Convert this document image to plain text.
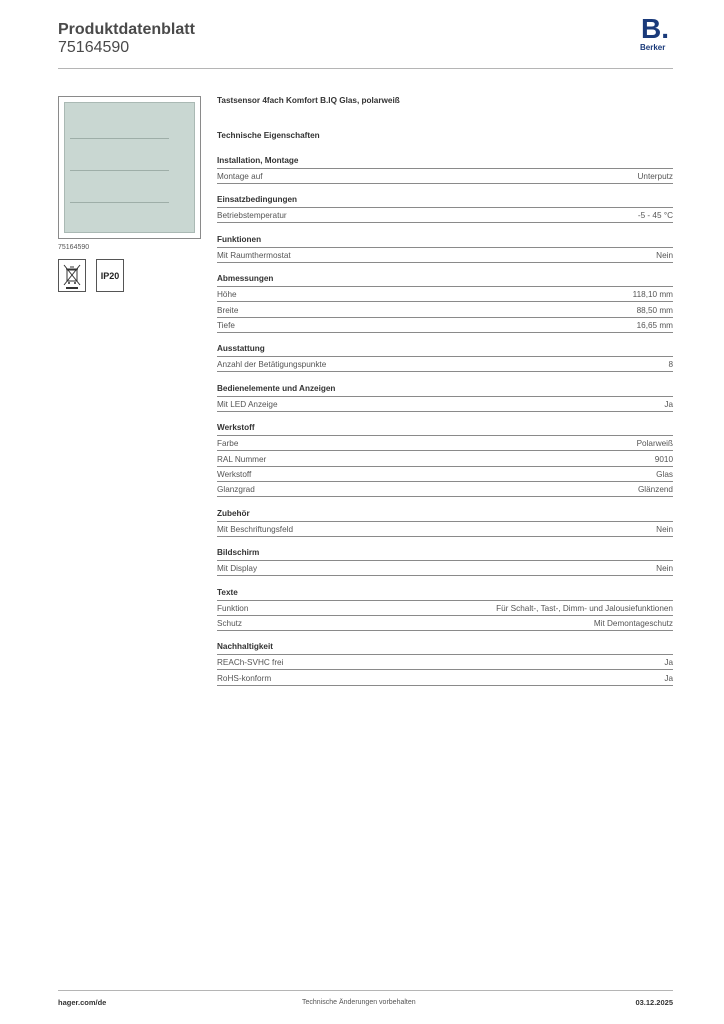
Produktdatenblatt
75164590
B.
Berker
75164590
IP20
Tastsensor 4fach Komfort B.IQ Glas, polarweiß
Technische Eigenschaften
Installation, Montage
Montage auf	Unterputz
Einsatzbedingungen
Betriebstemperatur	-5 - 45 °C
Funktionen
Mit Raumthermostat	Nein
Abmessungen
Höhe	118,10 mm
Breite	88,50 mm
Tiefe	16,65 mm
Ausstattung
Anzahl der Betätigungspunkte	8
Bedienelemente und Anzeigen
Mit LED Anzeige	Ja
Werkstoff
Farbe	Polarweiß
RAL Nummer	9010
Werkstoff	Glas
Glanzgrad	Glänzend
Zubehör
Mit Beschriftungsfeld	Nein
Bildschirm
Mit Display	Nein
Texte
Funktion	Für Schalt-, Tast-, Dimm- und Jalousiefunktionen
Schutz	Mit Demontageschutz
Nachhaltigkeit
REACh-SVHC frei	Ja
RoHS-konform	Ja
hager.com/de	Technische Änderungen vorbehalten	03.12.2025
